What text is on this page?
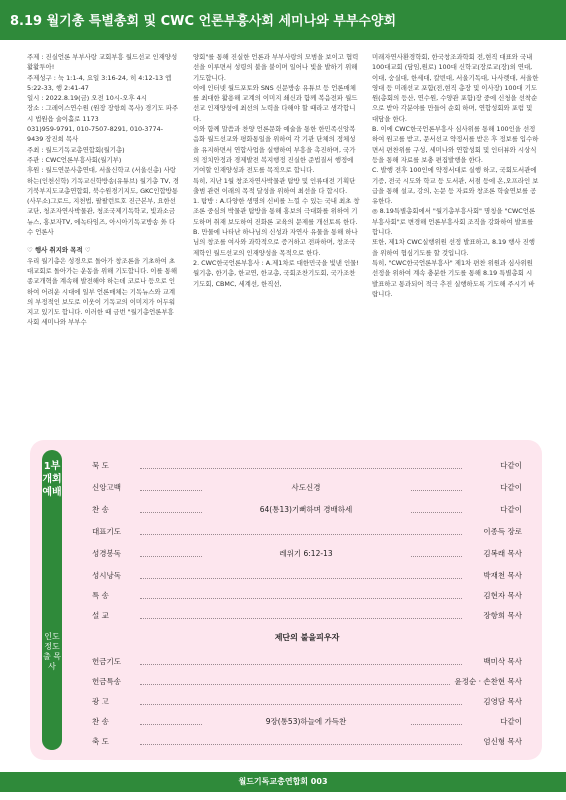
8.19 월기총 특별총회 및 CWC 언론부흥사회 세미나와 부부수양회

주제 : 진실언론 부부사랑 교회부흥 월드선교 인재양성 활활투아!

주제성구 : 눅 1:1-4, 요일 3:16-24, 히 4:12-13 엡 5:22-33, 행 2:41-47

일시 : 2022.8.19(금) 오전 10시-오후 4시

장소 : 그레이스연수원 (원장 장항희 목사) 경기도 파주시 법원읍 술이홀로 1173

031)959-9791, 010-7507-8291, 010-3774-9439 장진희 목사

주최 : 월드기독교총연합회(월기총)

주관 : CWC언론부흥사회(월기부)

후원 : 월드연문사총연대, 서울신학교 (서울신총) 사랑하는(인천신학) 기독교신학방송(유튜브) 월기총 TV, 경기북부지도교총연합회, 북수원경기지도, GKC인합방통(사무소)그로드, 지천법, 팔팔런트호 진근본부, 요한선교단, 청조자연사박물관, 청조국제기독학교, 빛과소금뉴스, 홍보자TV, 에녹타임즈, 아시아기독교방송 外 다수 언론사

♡ 행사 취지와 목적 ♡

우리 월기총은 성경으로 돌아가 창조론을 기초하여 초대교회로 돌아가는 운동을 위해 기도합니다. 이를 통해 종교개혁을 계속해 발전해야 하는데 코로나 등으로 인하여 어려운 시대에 일부 언론매체는 기독뉴스와 교계의 부정적인 보도로 이웃이 기독교의 이미지가 어두워지고 있기도 합니다. 이러한 때 금번 "월기총언론부흥사회 세미나와 부부수

양회"를 통해 진실한 언론과 부부사랑의 모범을 보이고 협력선을 이루면서 성령의 불을 붙이며 일어나 빛을 발하기 위해 기도합니다.

이에 인터넷 월드포토와 SNS 신문방송 유튜브 등 언론매체를 최대한 활용해 교계의 이미지 쇄신과 함께 복음전파 월드선교 인재양성에 최선의 노력을 다해야 할 때라고 생각합니다.

이와 함께 말씀과 찬양 언론문화 예술을 통한 한민족신앙복음화 월드선교와 평화통일을 위하여 각 기관 단체의 정체성을 유지하면서 연합사업을 실행하여 부흥을 촉진하며, 국가의 정치안정과 경제발전 복지행정 진실한 준법질서 행정에 기여할 인재양성과 전도를 목적으로 합니다.

특히, 지난 1월 창조자연사박물관 탐방 및 인류대전 기획단 출범 관련 이래의 목적 달성을 위하여 최선을 다 합시다.

1. 탐방 : A.다양한 생명의 신비를 느낄 수 있는 국내 최초 창조론 중심의 박물관 탐방을 통해 홍보의 극대화를 위하여 기도하며 취재 보도하여 진화론 교육의 문제를 개선토록 한다.

B. 만물에 나타난 하나님의 신성과 자연사 유물을 통해 하나님의 창조를 여사와 과학적으로 증거하고 전파하며, 창조국제학인 월드선교의 인재양성을 목적으로 한다.

2. CWC한국언론부흥사 : A.제1차로 대한민국을 빛낸 인물! 월기총, 한기총, 한교연, 한교총, 국회조찬기도회, 국가조찬기도회, CBMC, 세계선, 한직선,

미래자연사환경학회, 한국창조과학회 전,현직 대표와 국내 100대교회 (담임,원로) 100대 신학교(장로교(장)외 연대, 이대, 숭실대, 한세대, 칼빈대, 서울기독대, 나사렛대, 서울한영대 등 미래선교 포함(전,현직 총장 및 이사장) 100대 기도원(총회의 등산, 연수원, 수양관 포함)장 중에 신청을 선착순으로 받아 각분야를 만들어 순회 하며, 연합성회와 포럼 및 대담을 한다.

B. 이에 CWC한국언론부흥사 심사위를 통해 100인을 선정하여 원고를 받고, 문서선교 약정서를 받은 후 정보를 입수하면서 편찬위를 구성, 세미나와 연합성회 및 인터뷰와 시상식 등을 통해 자료를 보충 편집발행을 한다.

C. 발행 전후 100인에 약정서대로 실행 하고, 국회도서관에 기증, 전국 시도와 학교 등 도서관, 서점 등에 온,오프라인 보급을 통해 설교, 강의, 논문 등 자료와 창조론 학술연보를 공유한다.

◎ 8.19특별총회에서 "월기총부흥사회" 명칭을 "CWC언론부흥사회"로 변경해 언론부흥사회 조직을 강화하여 발표를 합니다.

또한, 제1차 CWC실행위원 선정 발표하고, 8.19 행사 진행을 위하여 협심기도를 할 것입니다.

특히, "CWC한국언론부흥사" 제1차 편찬 위원과 심사위원 선정을 위하여 계속 충분한 기도를 통해 8.19 특별총회 시 발표하고 통과되어 적극 추진 실행하도록 기도해 주시기 바랍니다.

1부 개회예배
인도 정도출 목사
묵 도	다같이
신앙고백	사도신경	다같이
찬 송	64(통13)기뻐하며 경배하세	다같이
대표기도	이종득 장로
성경봉독	레위기 6:12-13	김복래 목사
성시낭독	박재천 목사
특 송	김현자 목사
설 교	장항희 목사
제단의 불을피우자
헌금기도	백미삭 목사
헌금특송	윤정순 · 손찬현 목사
광 고	김영담 목사
찬 송	9장(통53)하늘에 가득찬	다같이
축 도	엄신형 목사
월드기독교총연합회 003
